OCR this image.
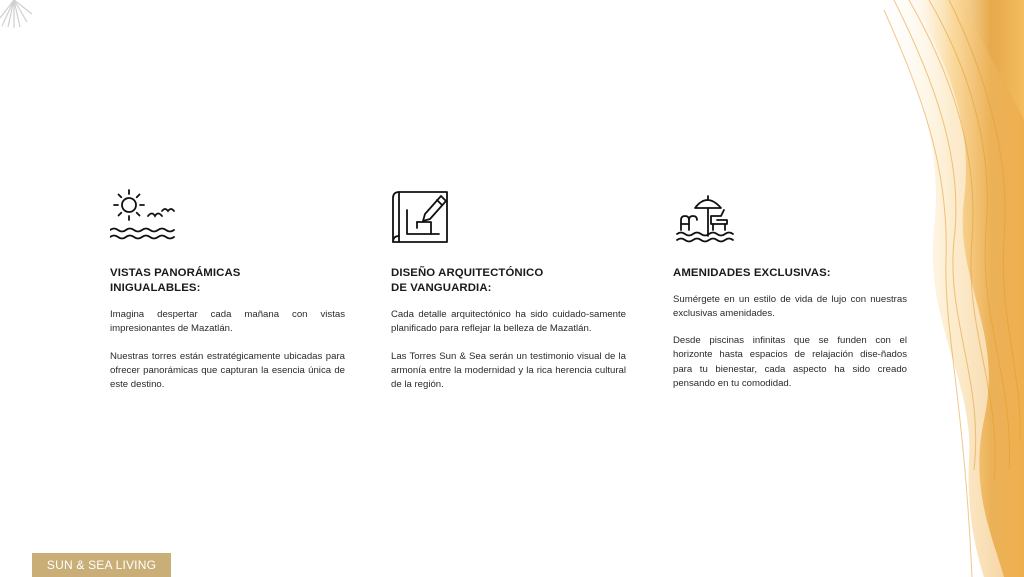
VISTAS PANORÁMICAS
INIGUALABLES:

Imagina despertar cada mañana con vistas impresionantes de Mazatlán.

Nuestras torres están estratégicamente ubicadas para ofrecer panorámicas que capturan la esencia única de este destino.

DISEÑO ARQUITECTÓNICO
DE VANGUARDIA:

Cada detalle arquitectónico ha sido cuidado-samente planificado para reflejar la belleza de Mazatlán.

Las Torres Sun & Sea serán un testimonio visual de la armonía entre la modernidad y la rica herencia cultural de la región.

AMENIDADES EXCLUSIVAS:

Sumérgete en un estilo de vida de lujo con nuestras exclusivas amenidades.

Desde piscinas infinitas que se funden con el horizonte hasta espacios de relajación dise-ñados para tu bienestar, cada aspecto ha sido creado pensando en tu comodidad.

SUN & SEA LIVING
